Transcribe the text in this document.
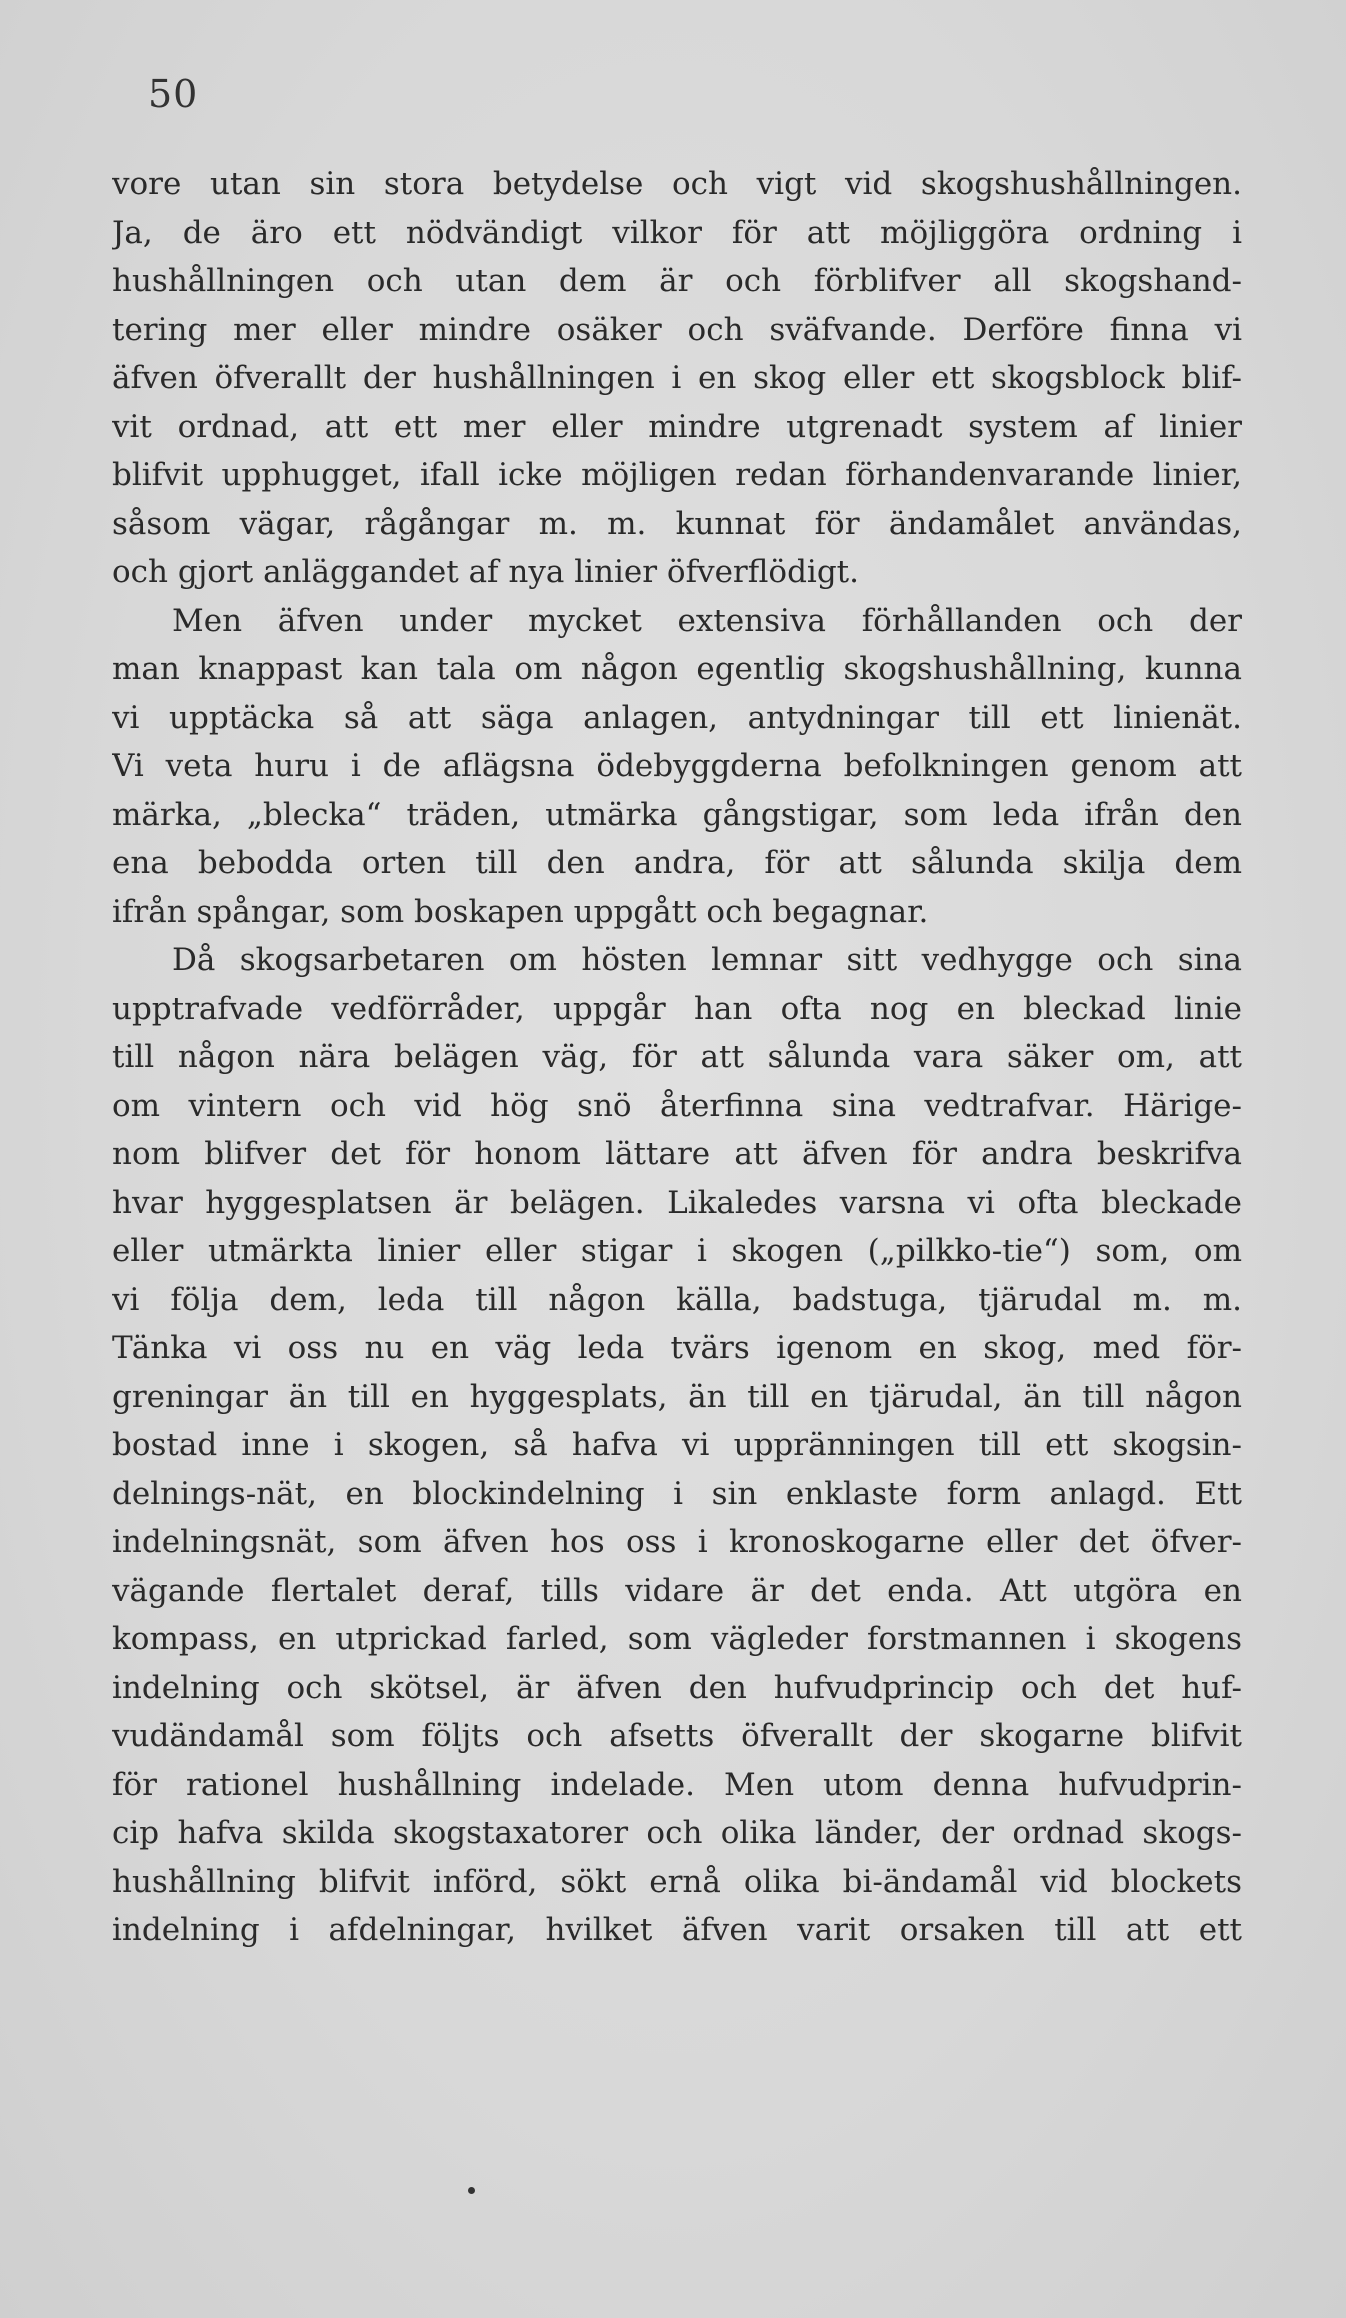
50
vore utan sin stora betydelse och vigt vid skogshushållningen.
Ja, de äro ett nödvändigt vilkor för att möjliggöra ordning i
hushållningen och utan dem är och förblifver all skogshand-
tering mer eller mindre osäker och sväfvande. Derföre finna vi
äfven öfverallt der hushållningen i en skog eller ett skogsblock blif-
vit ordnad, att ett mer eller mindre utgrenadt system af linier
blifvit upphugget, ifall icke möjligen redan förhandenvarande linier,
såsom vägar, rågångar m. m. kunnat för ändamålet användas,
och gjort anläggandet af nya linier öfverflödigt.
Men äfven under mycket extensiva förhållanden och der
man knappast kan tala om någon egentlig skogshushållning, kunna
vi upptäcka så att säga anlagen, antydningar till ett linienät.
Vi veta huru i de aflägsna ödebyggderna befolkningen genom att
märka, „blecka“ träden, utmärka gångstigar, som leda ifrån den
ena bebodda orten till den andra, för att sålunda skilja dem
ifrån spångar, som boskapen uppgått och begagnar.
Då skogsarbetaren om hösten lemnar sitt vedhygge och sina
upptrafvade vedförråder, uppgår han ofta nog en bleckad linie
till någon nära belägen väg, för att sålunda vara säker om, att
om vintern och vid hög snö återfinna sina vedtrafvar. Härige-
nom blifver det för honom lättare att äfven för andra beskrifva
hvar hyggesplatsen är belägen. Likaledes varsna vi ofta bleckade
eller utmärkta linier eller stigar i skogen („pilkko-tie“) som, om
vi följa dem, leda till någon källa, badstuga, tjärudal m. m.
Tänka vi oss nu en väg leda tvärs igenom en skog, med för-
greningar än till en hyggesplats, än till en tjärudal, än till någon
bostad inne i skogen, så hafva vi uppränningen till ett skogsin-
delnings-nät, en blockindelning i sin enklaste form anlagd. Ett
indelningsnät, som äfven hos oss i kronoskogarne eller det öfver-
vägande flertalet deraf, tills vidare är det enda. Att utgöra en
kompass, en utprickad farled, som vägleder forstmannen i skogens
indelning och skötsel, är äfven den hufvudprincip och det huf-
vudändamål som följts och afsetts öfverallt der skogarne blifvit
för rationel hushållning indelade. Men utom denna hufvudprin-
cip hafva skilda skogstaxatorer och olika länder, der ordnad skogs-
hushållning blifvit införd, sökt ernå olika bi-ändamål vid blockets
indelning i afdelningar, hvilket äfven varit orsaken till att ett
